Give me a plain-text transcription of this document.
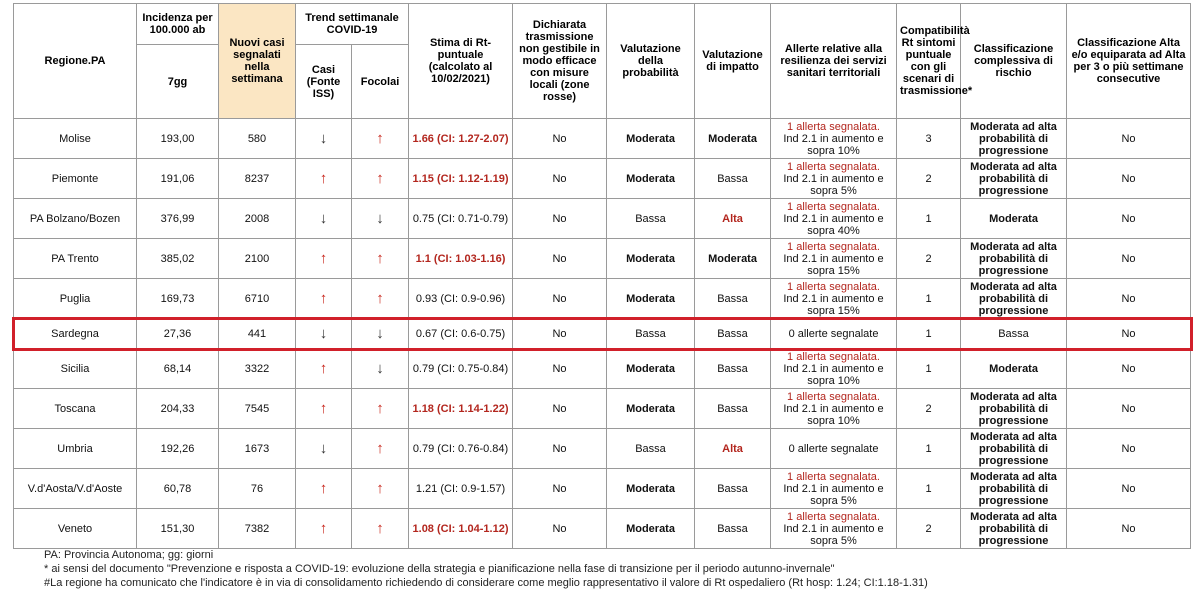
Regione.PA	Incidenza per 100.000 ab	Nuovi casi segnalati nella settimana	Trend settimanale COVID-19		Stima di Rt-puntuale (calcolato al 10/02/2021)	Dichiarata trasmissione non gestibile in modo efficace con misure locali (zone rosse)	Valutazione della probabilità	Valutazione di impatto	Allerte relative alla resilienza dei servizi sanitari territoriali	Compatibilità Rt sintomi puntuale con gli scenari di trasmissione*	Classificazione complessiva di rischio	Classificazione Alta e/o equiparata ad Alta per 3 o più settimane consecutive
	7gg		Casi (Fonte ISS)	Focolai								
Molise	193,00	580	↓	↑	1.66 (CI: 1.27-2.07)	No	Moderata	Moderata	1 allerta segnalata.
Ind 2.1 in aumento e sopra 10%	3	Moderata ad alta probabilità di progressione	No
Piemonte	191,06	8237	↑	↑	1.15 (CI: 1.12-1.19)	No	Moderata	Bassa	1 allerta segnalata.
Ind 2.1 in aumento e sopra 5%	2	Moderata ad alta probabilità di progressione	No
PA Bolzano/Bozen	376,99	2008	↓	↓	0.75 (CI: 0.71-0.79)	No	Bassa	Alta	1 allerta segnalata.
Ind 2.1 in aumento e sopra 40%	1	Moderata	No
PA Trento	385,02	2100	↑	↑	1.1 (CI: 1.03-1.16)	No	Moderata	Moderata	1 allerta segnalata.
Ind 2.1 in aumento e sopra 15%	2	Moderata ad alta probabilità di progressione	No
Puglia	169,73	6710	↑	↑	0.93 (CI: 0.9-0.96)	No	Moderata	Bassa	1 allerta segnalata.
Ind 2.1 in aumento e sopra 15%	1	Moderata ad alta probabilità di progressione	No
Sardegna	27,36	441	↓	↓	0.67 (CI: 0.6-0.75)	No	Bassa	Bassa	0 allerte segnalate	1	Bassa	No
Sicilia	68,14	3322	↑	↓	0.79 (CI: 0.75-0.84)	No	Moderata	Bassa	1 allerta segnalata.
Ind 2.1 in aumento e sopra 10%	1	Moderata	No
Toscana	204,33	7545	↑	↑	1.18 (CI: 1.14-1.22)	No	Moderata	Bassa	1 allerta segnalata.
Ind 2.1 in aumento e sopra 10%	2	Moderata ad alta probabilità di progressione	No
Umbria	192,26	1673	↓	↑	0.79 (CI: 0.76-0.84)	No	Bassa	Alta	0 allerte segnalate	1	Moderata ad alta probabilità di progressione	No
V.d'Aosta/V.d'Aoste	60,78	76	↑	↑	1.21 (CI: 0.9-1.57)	No	Moderata	Bassa	1 allerta segnalata.
Ind 2.1 in aumento e sopra 5%	1	Moderata ad alta probabilità di progressione	No
Veneto	151,30	7382	↑	↑	1.08 (CI: 1.04-1.12)	No	Moderata	Bassa	1 allerta segnalata.
Ind 2.1 in aumento e sopra 5%	2	Moderata ad alta probabilità di progressione	No
PA: Provincia Autonoma; gg: giorni
* ai sensi del documento "Prevenzione e risposta a COVID-19: evoluzione della strategia e pianificazione nella fase di transizione per il periodo autunno-invernale"
#La regione ha comunicato che l'indicatore è in via di consolidamento richiedendo di considerare come meglio rappresentativo il valore di Rt ospedaliero (Rt hosp: 1.24; CI:1.18-1.31)
